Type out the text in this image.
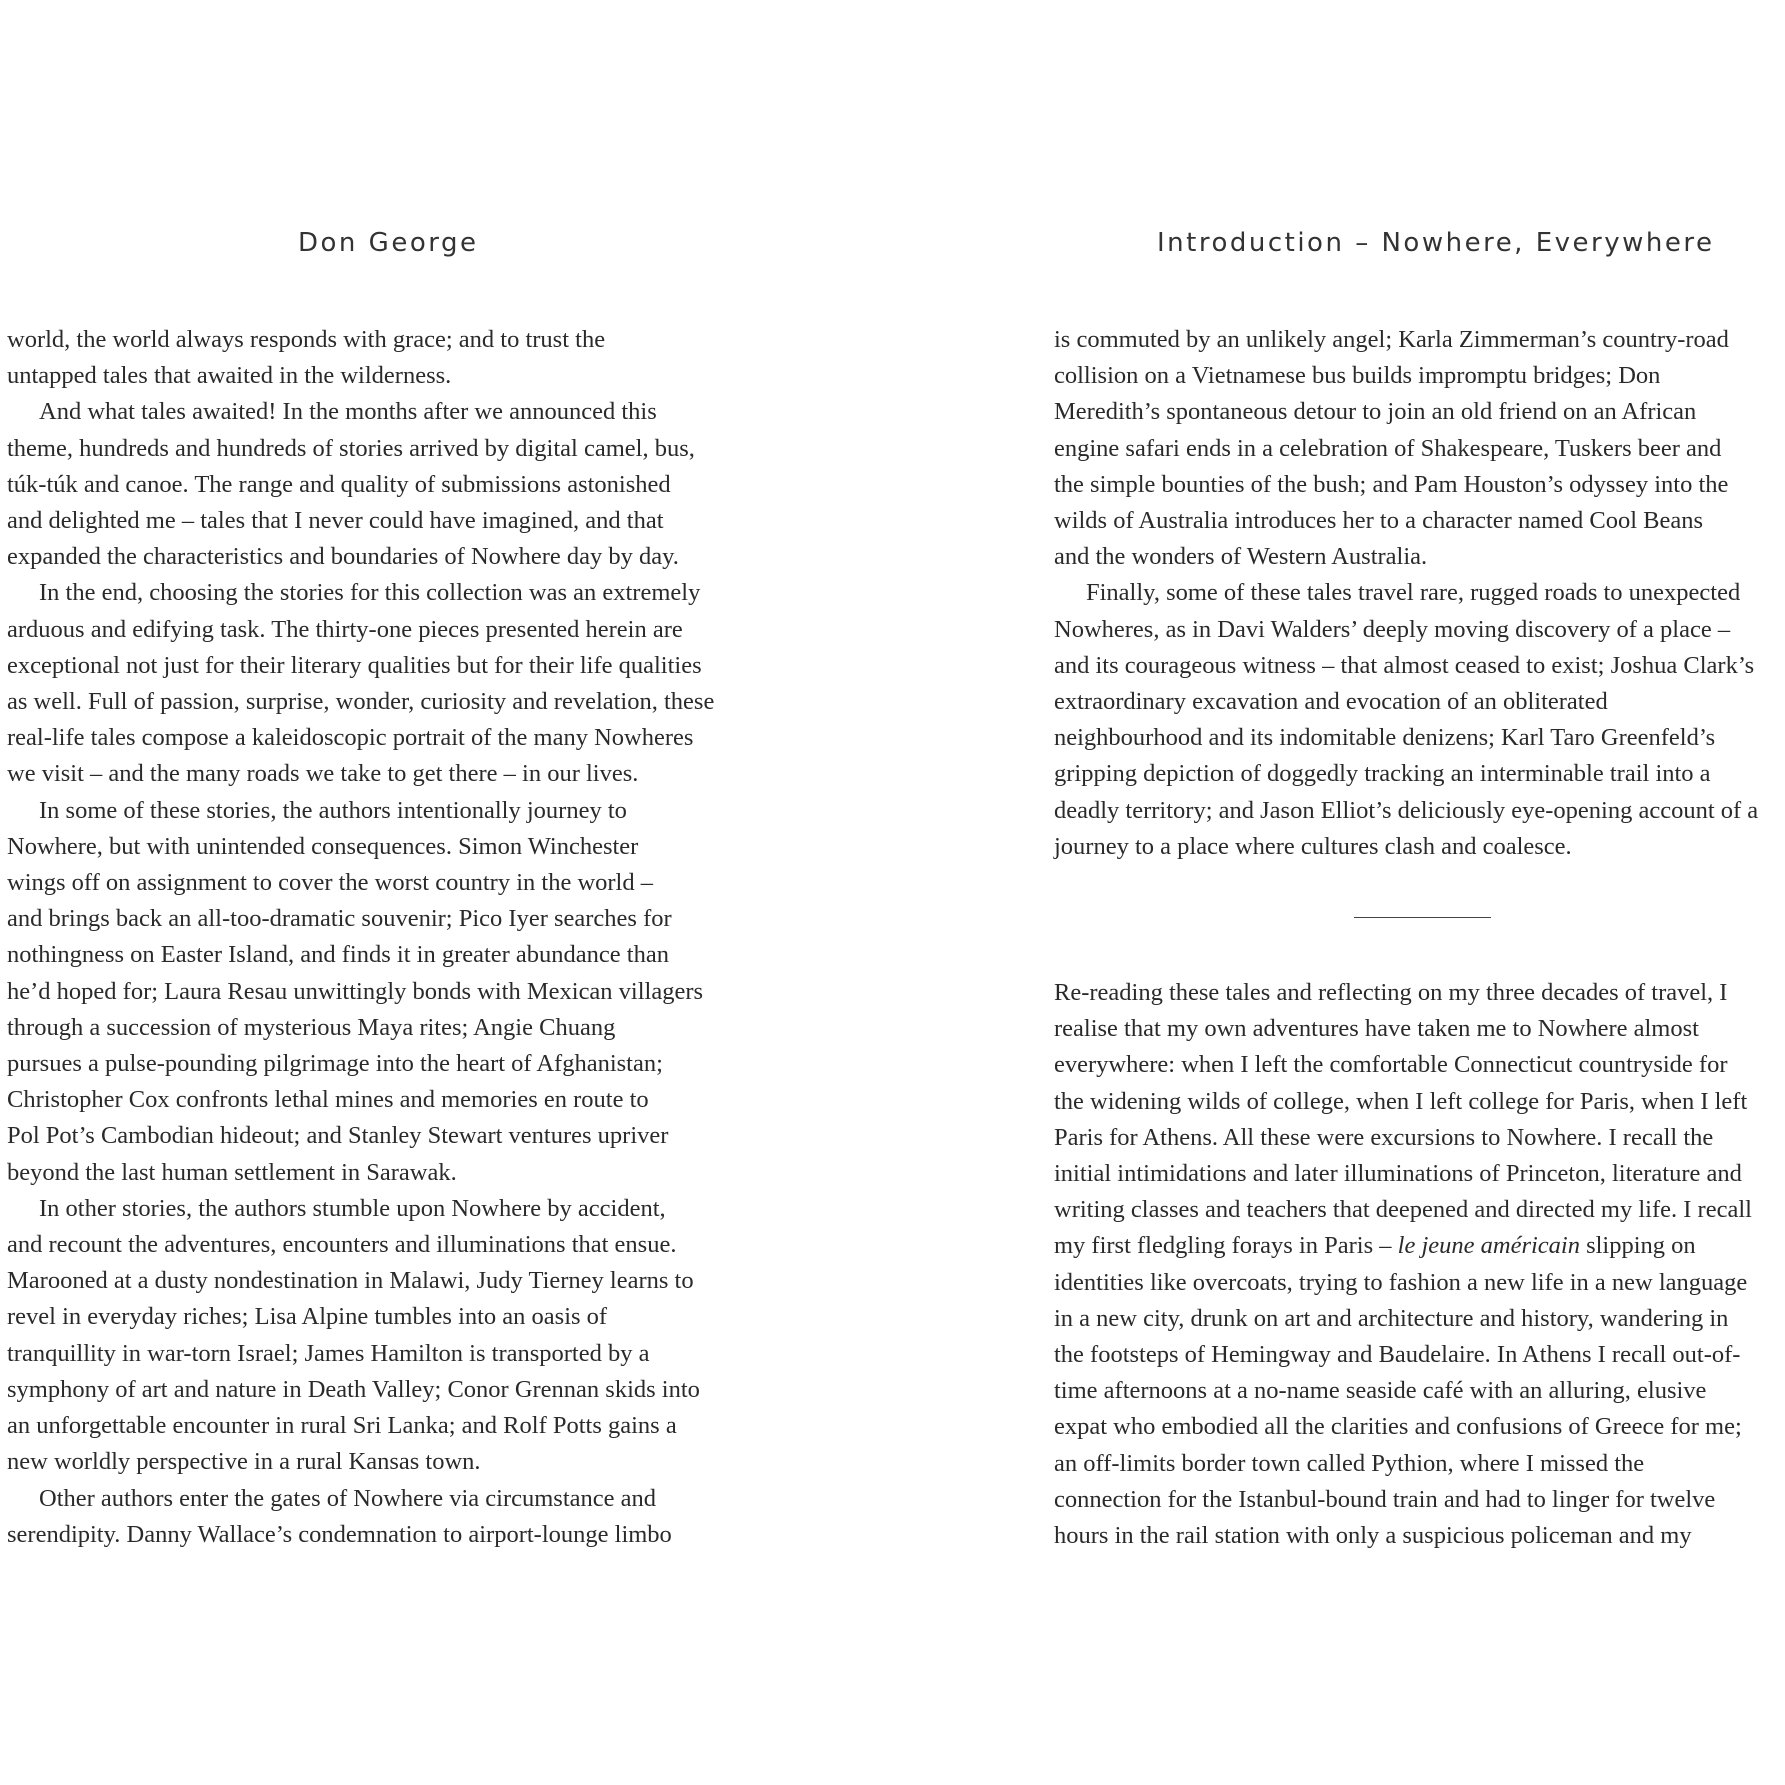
Don George
world, the world always responds with grace; and to trust the
untapped tales that awaited in the wilderness.
And what tales awaited! In the months after we announced this
theme, hundreds and hundreds of stories arrived by digital camel, bus,
túk-túk and canoe. The range and quality of submissions astonished
and delighted me – tales that I never could have imagined, and that
expanded the characteristics and boundaries of Nowhere day by day.
In the end, choosing the stories for this collection was an extremely
arduous and edifying task. The thirty-one pieces presented herein are
exceptional not just for their literary qualities but for their life qualities
as well. Full of passion, surprise, wonder, curiosity and revelation, these
real-life tales compose a kaleidoscopic portrait of the many Nowheres
we visit – and the many roads we take to get there – in our lives.
In some of these stories, the authors intentionally journey to
Nowhere, but with unintended consequences. Simon Winchester
wings off on assignment to cover the worst country in the world –
and brings back an all-too-dramatic souvenir; Pico Iyer searches for
nothingness on Easter Island, and finds it in greater abundance than
he’d hoped for; Laura Resau unwittingly bonds with Mexican villagers
through a succession of mysterious Maya rites; Angie Chuang
pursues a pulse-pounding pilgrimage into the heart of Afghanistan;
Christopher Cox confronts lethal mines and memories en route to
Pol Pot’s Cambodian hideout; and Stanley Stewart ventures upriver
beyond the last human settlement in Sarawak.
In other stories, the authors stumble upon Nowhere by accident,
and recount the adventures, encounters and illuminations that ensue.
Marooned at a dusty nondestination in Malawi, Judy Tierney learns to
revel in everyday riches; Lisa Alpine tumbles into an oasis of
tranquillity in war-torn Israel; James Hamilton is transported by a
symphony of art and nature in Death Valley; Conor Grennan skids into
an unforgettable encounter in rural Sri Lanka; and Rolf Potts gains a
new worldly perspective in a rural Kansas town.
Other authors enter the gates of Nowhere via circumstance and
serendipity. Danny Wallace’s condemnation to airport-lounge limbo
Introduction – Nowhere, Everywhere
is commuted by an unlikely angel; Karla Zimmerman’s country-road
collision on a Vietnamese bus builds impromptu bridges; Don
Meredith’s spontaneous detour to join an old friend on an African
engine safari ends in a celebration of Shakespeare, Tuskers beer and
the simple bounties of the bush; and Pam Houston’s odyssey into the
wilds of Australia introduces her to a character named Cool Beans
and the wonders of Western Australia.
Finally, some of these tales travel rare, rugged roads to unexpected
Nowheres, as in Davi Walders’ deeply moving discovery of a place –
and its courageous witness – that almost ceased to exist; Joshua Clark’s
extraordinary excavation and evocation of an obliterated
neighbourhood and its indomitable denizens; Karl Taro Greenfeld’s
gripping depiction of doggedly tracking an interminable trail into a
deadly territory; and Jason Elliot’s deliciously eye-opening account of a
journey to a place where cultures clash and coalesce.
Re-reading these tales and reflecting on my three decades of travel, I
realise that my own adventures have taken me to Nowhere almost
everywhere: when I left the comfortable Connecticut countryside for
the widening wilds of college, when I left college for Paris, when I left
Paris for Athens. All these were excursions to Nowhere. I recall the
initial intimidations and later illuminations of Princeton, literature and
writing classes and teachers that deepened and directed my life. I recall
my first fledgling forays in Paris – le jeune américain slipping on
identities like overcoats, trying to fashion a new life in a new language
in a new city, drunk on art and architecture and history, wandering in
the footsteps of Hemingway and Baudelaire. In Athens I recall out-of-
time afternoons at a no-name seaside café with an alluring, elusive
expat who embodied all the clarities and confusions of Greece for me;
an off-limits border town called Pythion, where I missed the
connection for the Istanbul-bound train and had to linger for twelve
hours in the rail station with only a suspicious policeman and my
